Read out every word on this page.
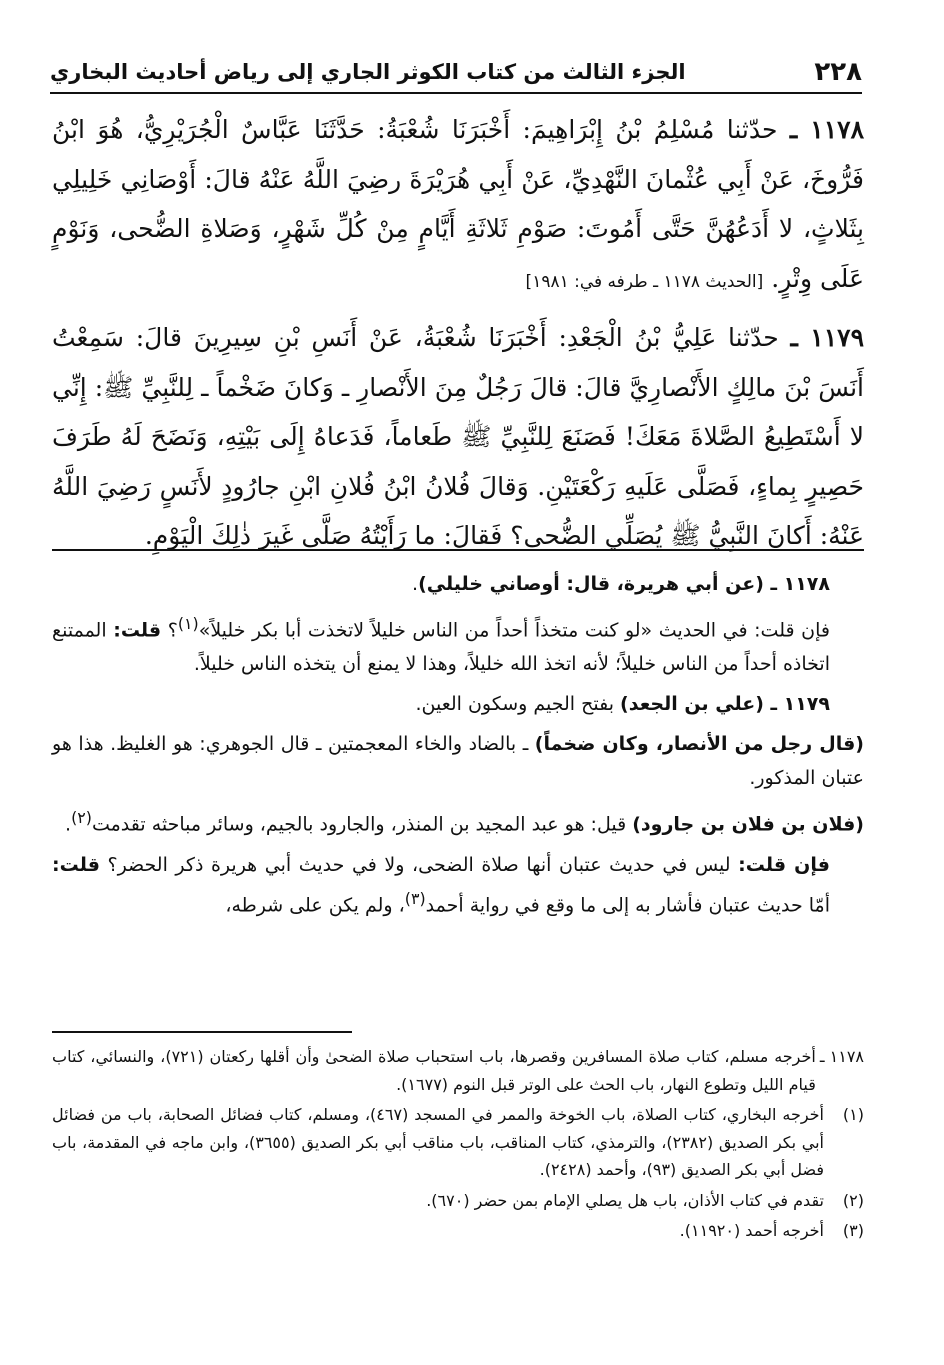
٢٢٨
الجزء الثالث من كتاب الكوثر الجاري إلى رياض أحاديث البخاري

١١٧٨ ـ حدّثنا مُسْلِمُ بْنُ إِبْرَاهِيمَ: أَخْبَرَنَا شُعْبَةُ: حَدَّثَنَا عَبَّاسٌ الْجُرَيْرِيُّ، هُوَ ابْنُ فَرُّوخَ، عَنْ أَبِي عُثْمانَ النَّهْدِيِّ، عَنْ أَبِي هُرَيْرَةَ رضِيَ اللَّهُ عَنْهُ قالَ: أَوْصَانِي خَلِيلِي بِثَلاثٍ، لا أَدَعُهُنَّ حَتَّى أَمُوتَ: صَوْمِ ثَلاثَةِ أَيَّامٍ مِنْ كُلِّ شَهْرٍ، وَصَلاةِ الضُّحى، وَنَوْمٍ عَلَى وِتْرٍ. [الحديث ١١٧٨ ـ طرفه في: ١٩٨١]

١١٧٩ ـ حدّثنا عَلِيُّ بْنُ الْجَعْدِ: أَخْبَرَنَا شُعْبَةُ، عَنْ أَنَسِ بْنِ سِيرِينَ قالَ: سَمِعْتُ أَنَسَ بْنَ مالِكٍ الأَنْصارِيَّ قالَ: قالَ رَجُلٌ مِنَ الأَنْصارِ ـ وَكانَ ضَخْماً ـ لِلنَّبِيِّ ﷺ: إِنِّي لا أَسْتَطِيعُ الصَّلاةَ مَعَكَ! فَصَنَعَ لِلنَّبِيِّ ﷺ طَعاماً، فَدَعاهُ إِلَى بَيْتِهِ، وَنَضَحَ لَهُ طَرَفَ حَصِيرٍ بِماءٍ، فَصَلَّى عَلَيهِ رَكْعَتَيْنِ. وَقالَ فُلانُ ابْنُ فُلانِ ابْنِ جارُودٍ لأَنَسٍ رَضِيَ اللَّهُ عَنْهُ: أَكانَ النَّبِيُّ ﷺ يُصَلِّي الضُّحى؟ فَقالَ: ما رَأَيْتُهُ صَلَّى غَيرَ ذٰلِكَ الْيَوْمِ.

١١٧٨ ـ (عن أبي هريرة، قال: أوصاني خليلي).

فإن قلت: في الحديث «لو كنت متخذاً أحداً من الناس خليلاً لاتخذت أبا بكر خليلاً»$^{(١)}$؟ قلت: الممتنع اتخاذه أحداً من الناس خليلاً؛ لأنه اتخذ الله خليلاً، وهذا لا يمنع أن يتخذه الناس خليلاً.

١١٧٩ ـ (علي بن الجعد) بفتح الجيم وسكون العين.

(قال رجل من الأنصار، وكان ضخماً) ـ بالضاد والخاء المعجمتين ـ قال الجوهري: هو الغليظ. هذا هو عتبان المذكور.

(فلان بن فلان بن جارود) قيل: هو عبد المجيد بن المنذر، والجارود بالجيم، وسائر مباحثه تقدمت$^{(٢)}$.

فإن قلت: ليس في حديث عتبان أنها صلاة الضحى، ولا في حديث أبي هريرة ذكر الحضر؟ قلت: أمّا حديث عتبان فأشار به إلى ما وقع في رواية أحمد$^{(٣)}$، ولم يكن على شرطه،

١١٧٨ ـ
أخرجه مسلم، كتاب صلاة المسافرين وقصرها، باب استحباب صلاة الضحىٰ وأن أقلها ركعتان (٧٢١)، والنسائي، كتاب قيام الليل وتطوع النهار، باب الحث على الوتر قبل النوم (١٦٧٧).
(١)
أخرجه البخاري، كتاب الصلاة، باب الخوخة والممر في المسجد (٤٦٧)، ومسلم، كتاب فضائل الصحابة، باب من فضائل أبي بكر الصديق (٢٣٨٢)، والترمذي، كتاب المناقب، باب مناقب أبي بكر الصديق (٣٦٥٥)، وابن ماجه في المقدمة، باب فضل أبي بكر الصديق (٩٣)، وأحمد (٢٤٢٨).
(٢)
تقدم في كتاب الأذان، باب هل يصلي الإمام بمن حضر (٦٧٠).
(٣)
أخرجه أحمد (١١٩٢٠).
